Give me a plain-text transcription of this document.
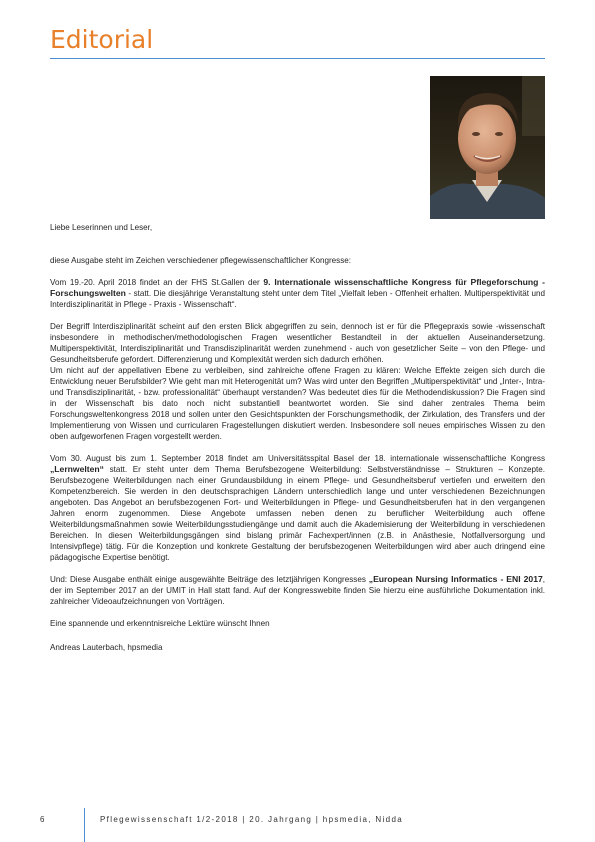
Editorial

Liebe Leserinnen und Leser,

diese Ausgabe steht im Zeichen verschiedener pflegewissenschaftlicher Kongresse:

Vom 19.-20. April 2018 findet an der FHS St.Gallen der 9. Internationale wissenschaftliche Kongress für Pflegeforschung - Forschungswelten - statt. Die diesjährige Veranstaltung steht unter dem Titel „Vielfalt leben - Offenheit erhalten. Multiperspektivität und Interdisziplinarität in Pflege - Praxis - Wissenschaft“.

Der Begriff Interdisziplinarität scheint auf den ersten Blick abgegriffen zu sein, dennoch ist er für die Pflegepraxis sowie -wissenschaft insbesondere in methodischen/methodologischen Fragen wesentlicher Bestandteil in der aktuellen Auseinandersetzung. Multiperspektivität, Interdisziplinarität und Transdisziplinarität werden zunehmend - auch von gesetzlicher Seite – von den Pflege- und Gesundheitsberufe gefordert. Differenzierung und Komplexität werden sich dadurch erhöhen.

Um nicht auf der appellativen Ebene zu verbleiben, sind zahlreiche offene Fragen zu klären: Welche Effekte zeigen sich durch die Entwicklung neuer Berufsbilder? Wie geht man mit Heterogenität um? Was wird unter den Begriffen „Multiperspektivität“ und „Inter-, Intra- und Transdisziplinarität, - bzw. professionalität“ überhaupt verstanden? Was bedeutet dies für die Methodendiskussion? Die Fragen sind in der Wissenschaft bis dato noch nicht substantiell beantwortet worden. Sie sind daher zentrales Thema beim Forschungsweltenkongress 2018 und sollen unter den Gesichtspunkten der Forschungsmethodik, der Zirkulation, des Transfers und der Implementierung von Wissen und curricularen Fragestellungen diskutiert werden. Insbesondere soll neues empirisches Wissen zu den oben aufgeworfenen Fragen vorgestellt werden.

Vom 30. August bis zum 1. September 2018 findet am Universitätsspital Basel der 18. internationale wissenschaftliche Kongress „Lernwelten“ statt. Er steht unter dem Thema Berufsbezogene Weiterbildung: Selbstverständnisse – Strukturen – Konzepte. Berufsbezogene Weiterbildungen nach einer Grundausbildung in einem Pflege- und Gesundheitsberuf vertiefen und erweitern den Kompetenzbereich. Sie werden in den deutschsprachigen Ländern unterschiedlich lange und unter verschiedenen Bezeichnungen angeboten. Das Angebot an berufsbezogenen Fort- und Weiterbildungen in Pflege- und Gesundheitsberufen hat in den vergangenen Jahren enorm zugenommen. Diese Angebote umfassen neben denen zu beruflicher Weiterbildung auch offene Weiterbildungsmaßnahmen sowie Weiterbildungsstudiengänge und damit auch die Akademisierung der Weiterbildung in verschiedenen Bereichen. In diesen Weiterbildungsgängen sind bislang primär Fachexpert/innen (z.B. in Anästhesie, Notfallversorgung und Intensivpflege) tätig. Für die Konzeption und konkrete Gestaltung der berufsbezogenen Weiterbildungen wird aber auch dringend eine pädagogische Expertise benötigt.

Und: Diese Ausgabe enthält einige ausgewählte Beiträge des letztjährigen Kongresses „European Nursing Informatics - ENI 2017, der im September 2017 an der UMIT in Hall statt fand. Auf der Kongresswebite finden Sie hierzu eine ausführliche Dokumentation inkl. zahlreicher Videoaufzeichnungen von Vorträgen.

Eine spannende und erkenntnisreiche Lektüre wünscht Ihnen

Andreas Lauterbach, hpsmedia

6	Pflegewissenschaft 1/2-2018 | 20. Jahrgang | hpsmedia, Nidda
